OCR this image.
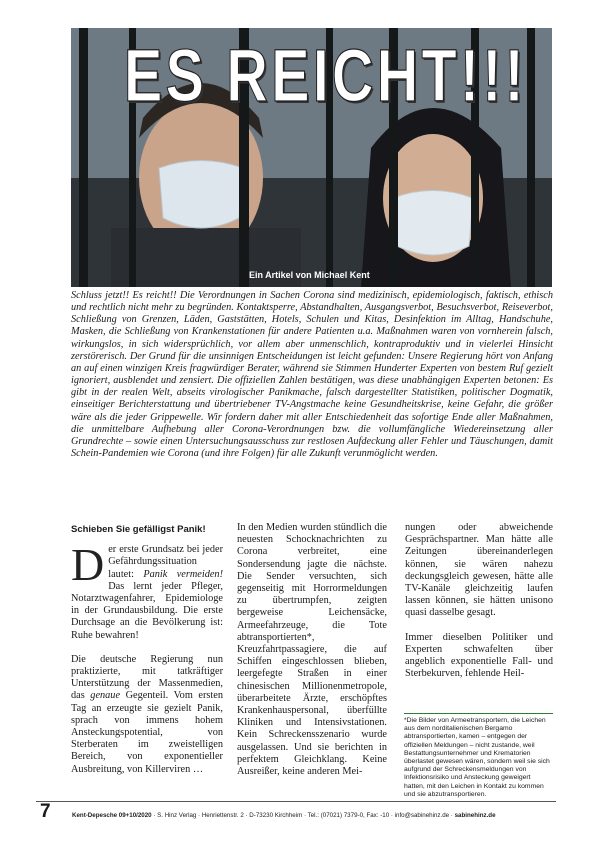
ES REICHT!!!
Ein Artikel von Michael Kent
Schluss jetzt!! Es reicht!! Die Verordnungen in Sachen Corona sind medizinisch, epidemiologisch, faktisch, ethisch und rechtlich nicht mehr zu begründen. Kontaktsperre, Abstandhalten, Ausgangsverbot, Besuchsverbot, Reiseverbot, Schließung von Grenzen, Läden, Gaststätten, Hotels, Schulen und Kitas, Desinfektion im Alltag, Handschuhe, Masken, die Schließung von Krankenstationen für andere Patienten u.a. Maßnahmen waren von vornherein falsch, wirkungslos, in sich widersprüchlich, vor allem aber unmenschlich, kontraproduktiv und in vielerlei Hinsicht zerstörerisch. Der Grund für die unsinnigen Entscheidungen ist leicht gefunden: Unsere Regierung hört von Anfang an auf einen winzigen Kreis fragwürdiger Berater, während sie Stimmen Hunderter Experten von bestem Ruf gezielt ignoriert, ausblendet und zensiert. Die offiziellen Zahlen bestätigen, was diese unabhängigen Experten betonen: Es gibt in der realen Welt, abseits virologischer Panikmache, falsch dargestellter Statistiken, politischer Dogmatik, einseitiger Berichterstattung und übertriebener TV-Angstmache keine Gesundheitskrise, keine Gefahr, die größer wäre als die jeder Grippewelle. Wir fordern daher mit aller Entschiedenheit das sofortige Ende aller Maßnahmen, die unmittelbare Aufhebung aller Corona-Verordnungen bzw. die vollumfängliche Wiedereinsetzung aller Grundrechte – sowie einen Untersuchungsausschuss zur restlosen Aufdeckung aller Fehler und Täuschungen, damit Schein-Pandemien wie Corona (und ihre Folgen) für alle Zukunft verunmöglicht werden.
Schieben Sie gefälligst Panik!

Der erste Grundsatz bei jeder Gefährdungssituation lautet: Panik vermeiden! Das lernt jeder Pfleger, Notarztwagenfahrer, Epidemiologe in der Grundausbildung. Die erste Durchsage an die Bevölkerung ist: Ruhe bewahren!

Die deutsche Regierung nun praktizierte, mit tatkräftiger Unterstützung der Massenmedien, das genaue Gegenteil. Vom ersten Tag an erzeugte sie gezielt Panik, sprach von immens hohem Ansteckungspotential, von Sterberaten im zweistelligen Bereich, von exponentieller Ausbreitung, von Killerviren …

In den Medien wurden stündlich die neuesten Schocknachrichten zu Corona verbreitet, eine Sondersendung jagte die nächste. Die Sender versuchten, sich gegenseitig mit Horrormeldungen zu übertrumpfen, zeigten bergeweise Leichensäcke, Armeefahrzeuge, die Tote abtransportierten*, Kreuzfahrtpassagiere, die auf Schiffen eingeschlossen blieben, leergefegte Straßen in einer chinesischen Millionenmetropole, überarbeitete Ärzte, erschöpftes Krankenhauspersonal, überfüllte Kliniken und Intensivstationen. Kein Schreckensszenario wurde ausgelassen. Und sie berichten in perfektem Gleichklang. Keine Ausreißer, keine anderen Mei-

nungen oder abweichende Gesprächspartner. Man hätte alle Zeitungen übereinanderlegen können, sie wären nahezu deckungsgleich gewesen, hätte alle TV-Kanäle gleichzeitig laufen lassen können, sie hätten unisono quasi dasselbe gesagt.

Immer dieselben Politiker und Experten schwafelten über angeblich exponentielle Fall- und Sterbekurven, fehlende Heil-

*Die Bilder von Armeetransportern, die Leichen aus dem norditalienischen Bergamo abtransportierten, kamen – entgegen der offiziellen Meldungen – nicht zustande, weil Bestattungsunternehmer und Krematorien überlastet gewesen wären, sondern weil sie sich aufgrund der Schreckensmeldungen von Infektionsrisiko und Ansteckung geweigert hatten, mit den Leichen in Kontakt zu kommen und sie abzutransportieren.
7	Kent-Depesche 09+10/2020 · S. Hinz Verlag · Henriettenstr. 2 · D-73230 Kirchheim · Tel.: (07021) 7379-0, Fax: -10 · info@sabinehinz.de · sabinehinz.de
